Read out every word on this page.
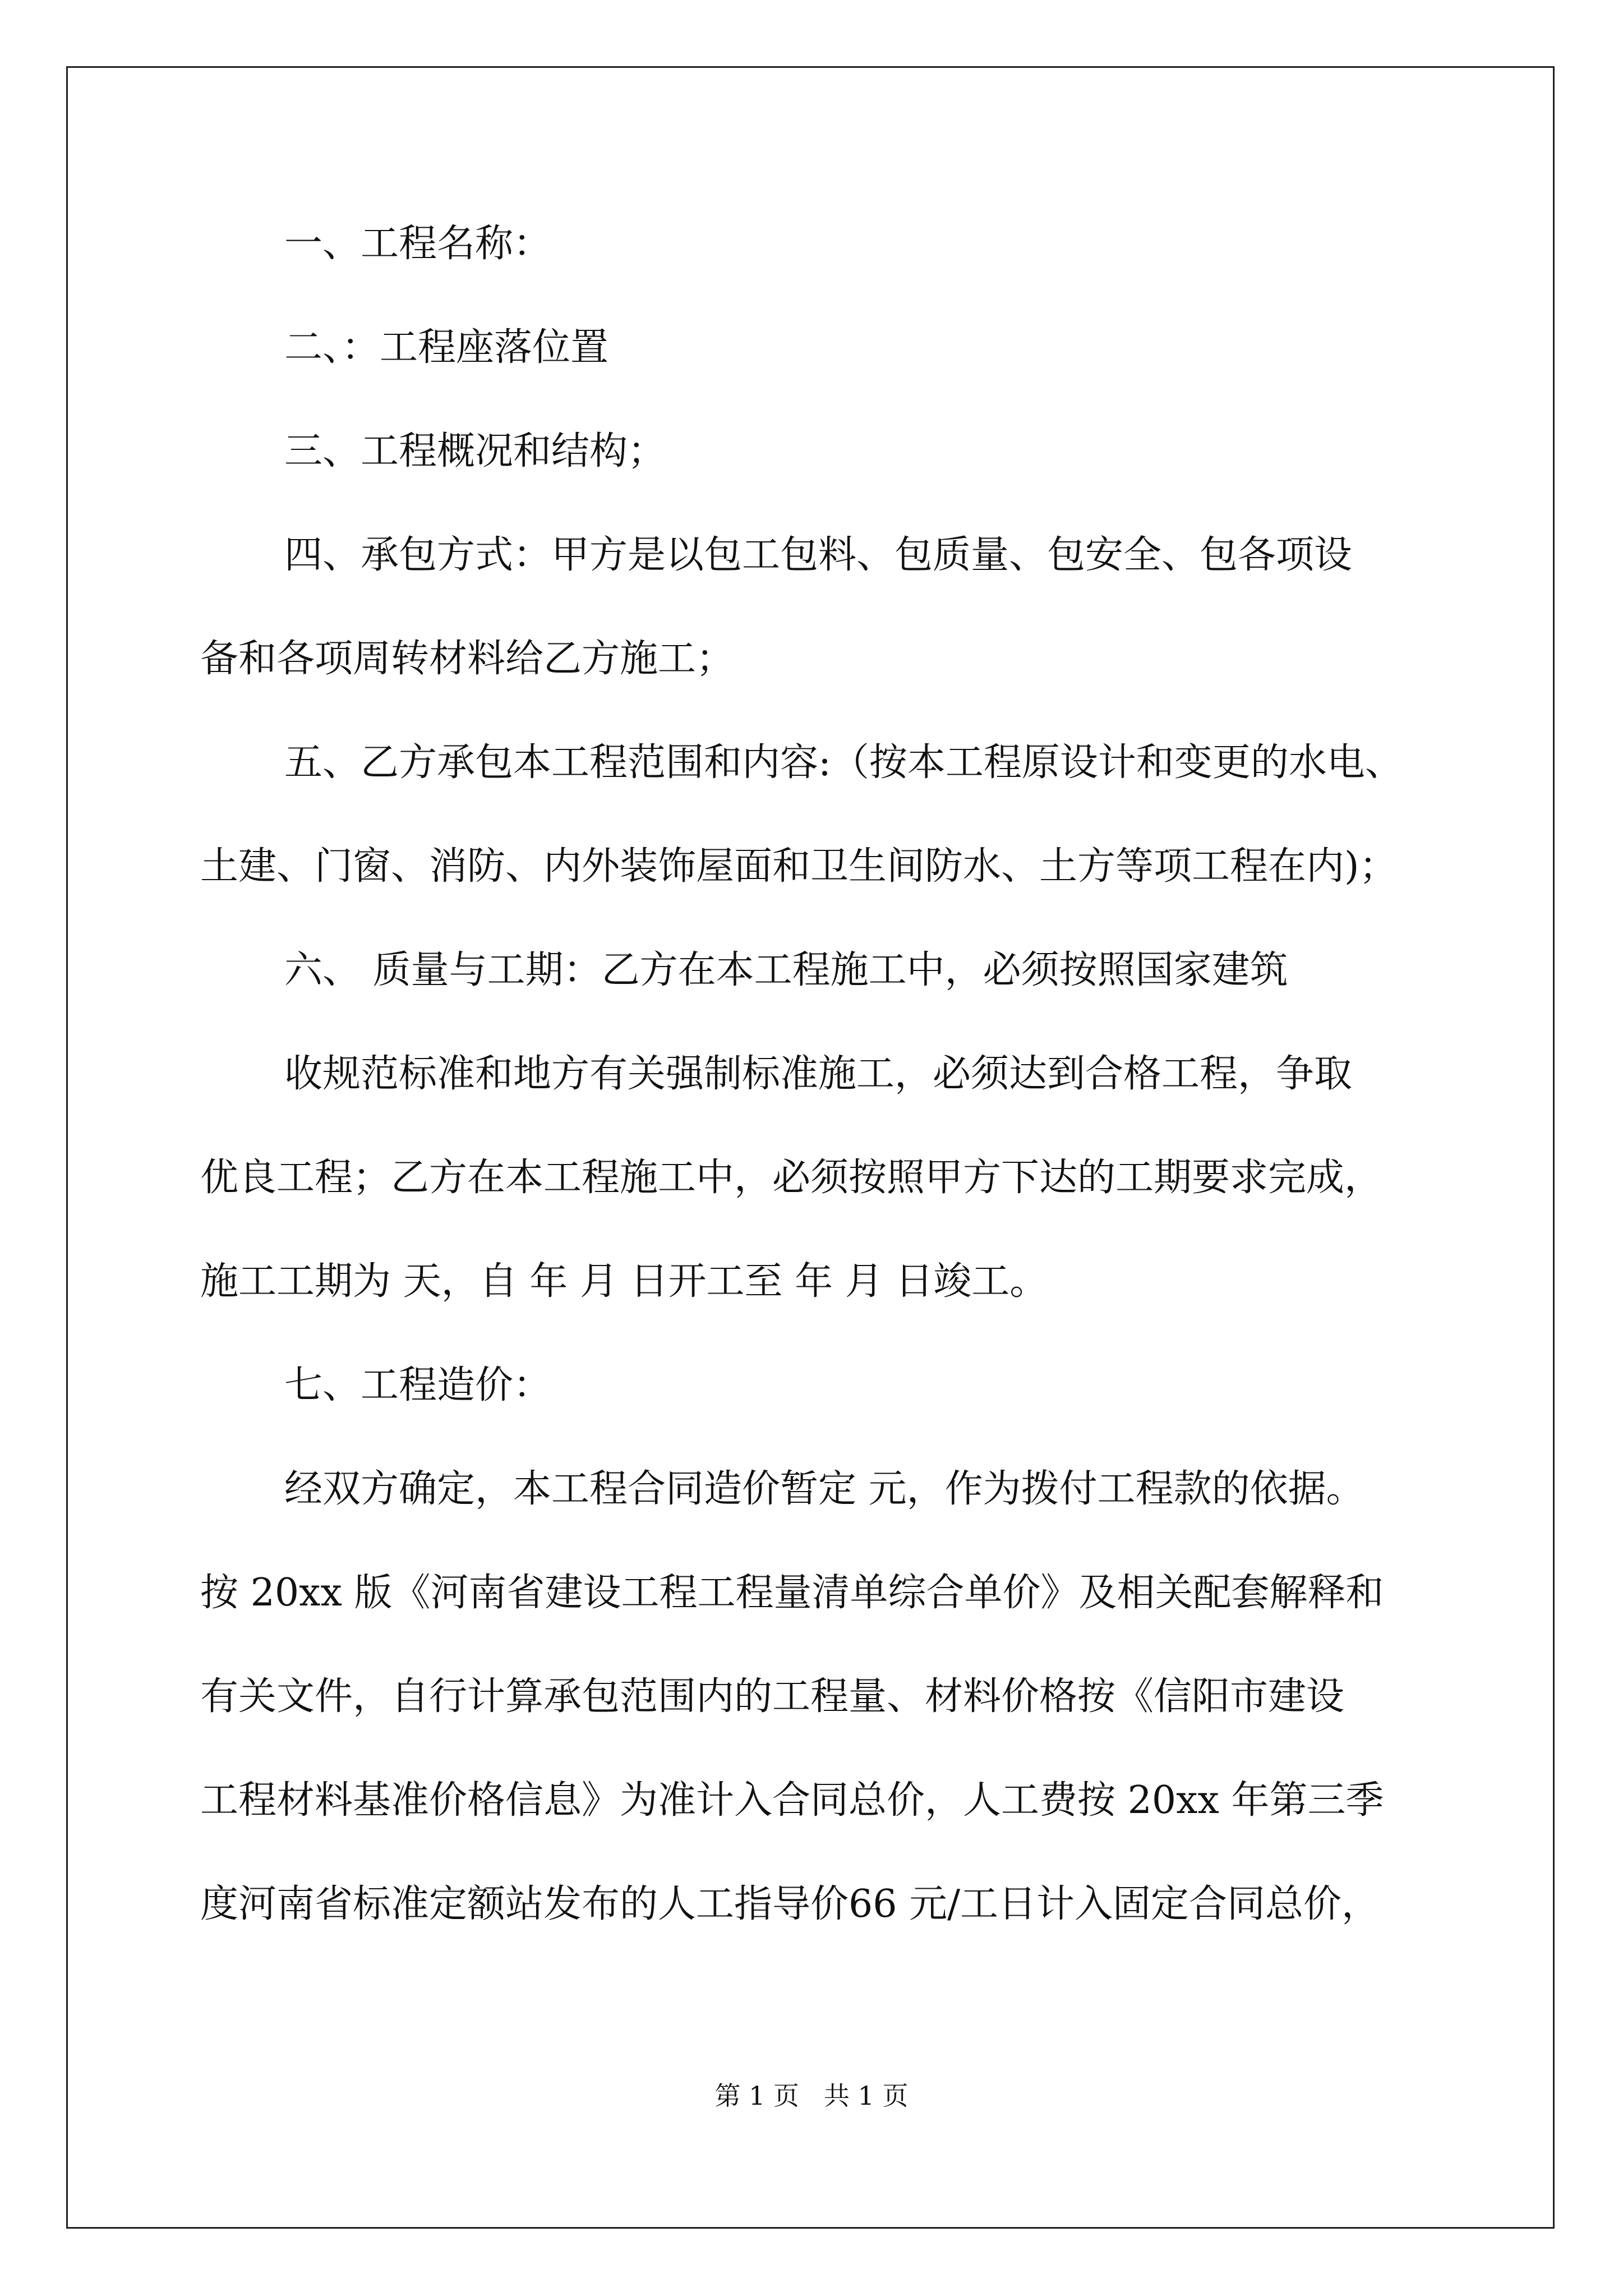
一、工程名称：
二、：工程座落位置
三、工程概况和结构；
四、承包方式：甲方是以包工包料、包质量、包安全、包各项设
备和各项周转材料给乙方施工；
五、乙方承包本工程范围和内容:（按本工程原设计和变更的水电、
土建、门窗、消防、内外装饰屋面和卫生间防水、土方等项工程在内)；
六、 质量与工期：乙方在本工程施工中，必须按照国家建筑
收规范标准和地方有关强制标准施工，必须达到合格工程，争取
优良工程；乙方在本工程施工中，必须按照甲方下达的工期要求完成，
施工工期为 天，自 年 月 日开工至 年 月 日竣工。
七、工程造价：
经双方确定，本工程合同造价暂定 元，作为拨付工程款的依据。
按 20xx 版《河南省建设工程工程量清单综合单价》及相关配套解释和
有关文件，自行计算承包范围内的工程量、材料价格按《信阳市建设
工程材料基准价格信息》为准计入合同总价，人工费按 20xx 年第三季
度河南省标准定额站发布的人工指导价66 元/工日计入固定合同总价，
第 1 页 共 1 页
